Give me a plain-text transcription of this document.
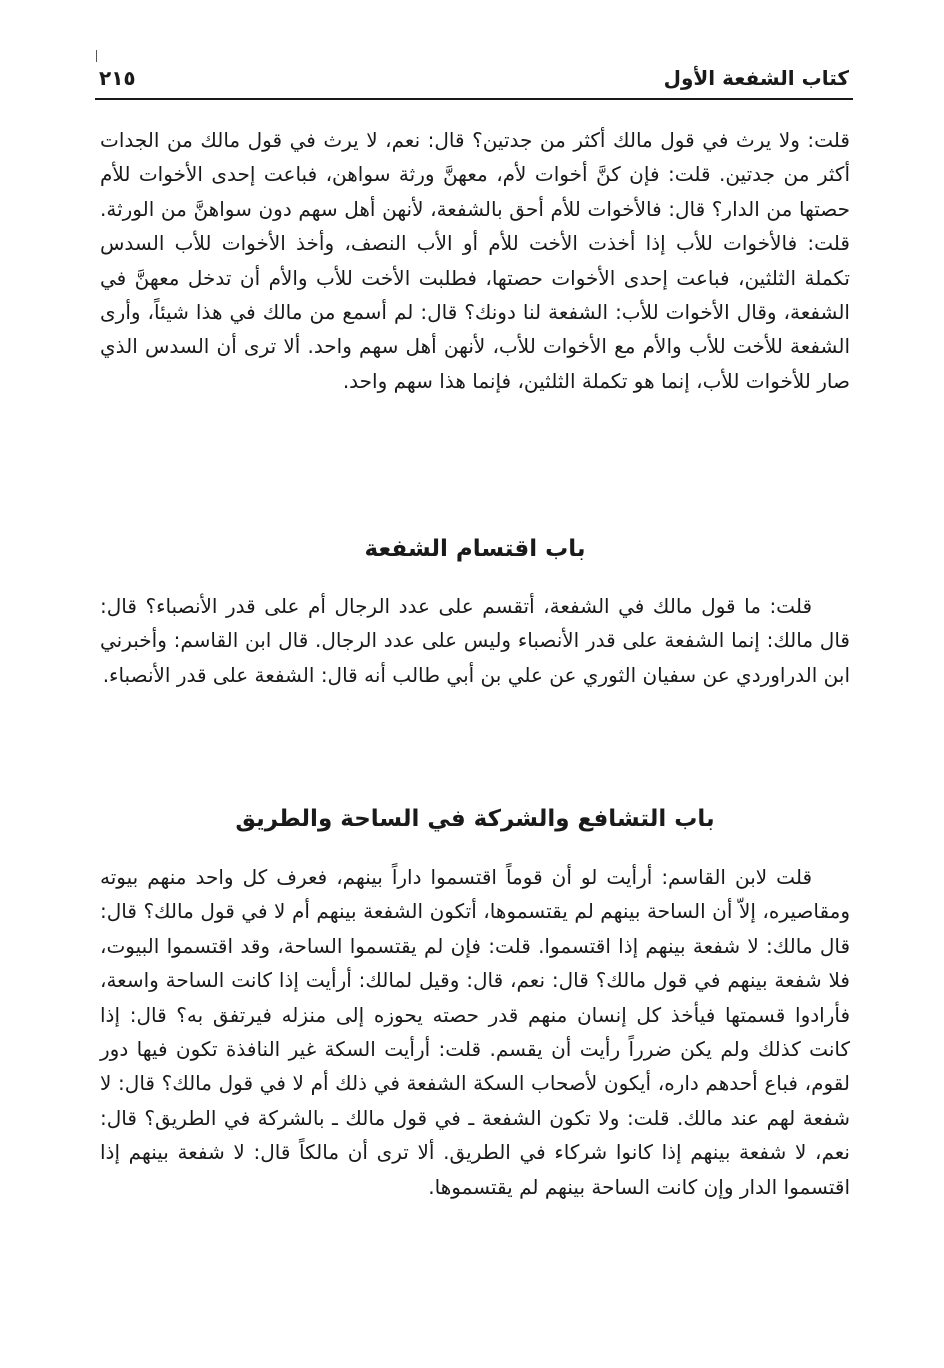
كتاب الشفعة الأول
٢١٥

قلت: ولا يرث في قول مالك أكثر من جدتين؟ قال: نعم، لا يرث في قول مالك من الجدات أكثر من جدتين. قلت: فإن كنَّ أخوات لأم، معهنَّ ورثة سواهن، فباعت إحدى الأخوات للأم حصتها من الدار؟ قال: فالأخوات للأم أحق بالشفعة، لأنهن أهل سهم دون سواهنَّ من الورثة. قلت: فالأخوات للأب إذا أخذت الأخت للأم أو الأب النصف، وأخذ الأخوات للأب السدس تكملة الثلثين، فباعت إحدى الأخوات حصتها، فطلبت الأخت للأب والأم أن تدخل معهنَّ في الشفعة، وقال الأخوات للأب: الشفعة لنا دونك؟ قال: لم أسمع من مالك في هذا شيئاً، وأرى الشفعة للأخت للأب والأم مع الأخوات للأب، لأنهن أهل سهم واحد. ألا ترى أن السدس الذي صار للأخوات للأب، إنما هو تكملة الثلثين، فإنما هذا سهم واحد.

باب اقتسام الشفعة

قلت: ما قول مالك في الشفعة، أتقسم على عدد الرجال أم على قدر الأنصباء؟ قال: قال مالك: إنما الشفعة على قدر الأنصباء وليس على عدد الرجال. قال ابن القاسم: وأخبرني ابن الدراوردي عن سفيان الثوري عن علي بن أبي طالب أنه قال: الشفعة على قدر الأنصباء.

باب التشافع والشركة في الساحة والطريق

قلت لابن القاسم: أرأيت لو أن قوماً اقتسموا داراً بينهم، فعرف كل واحد منهم بيوته ومقاصيره، إلاّ أن الساحة بينهم لم يقتسموها، أتكون الشفعة بينهم أم لا في قول مالك؟ قال: قال مالك: لا شفعة بينهم إذا اقتسموا. قلت: فإن لم يقتسموا الساحة، وقد اقتسموا البيوت، فلا شفعة بينهم في قول مالك؟ قال: نعم، قال: وقيل لمالك: أرأيت إذا كانت الساحة واسعة، فأرادوا قسمتها فيأخذ كل إنسان منهم قدر حصته يحوزه إلى منزله فيرتفق به؟ قال: إذا كانت كذلك ولم يكن ضرراً رأيت أن يقسم. قلت: أرأيت السكة غير النافذة تكون فيها دور لقوم، فباع أحدهم داره، أيكون لأصحاب السكة الشفعة في ذلك أم لا في قول مالك؟ قال: لا شفعة لهم عند مالك. قلت: ولا تكون الشفعة ـ في قول مالك ـ بالشركة في الطريق؟ قال: نعم، لا شفعة بينهم إذا كانوا شركاء في الطريق. ألا ترى أن مالكاً قال: لا شفعة بينهم إذا اقتسموا الدار وإن كانت الساحة بينهم لم يقتسموها.
